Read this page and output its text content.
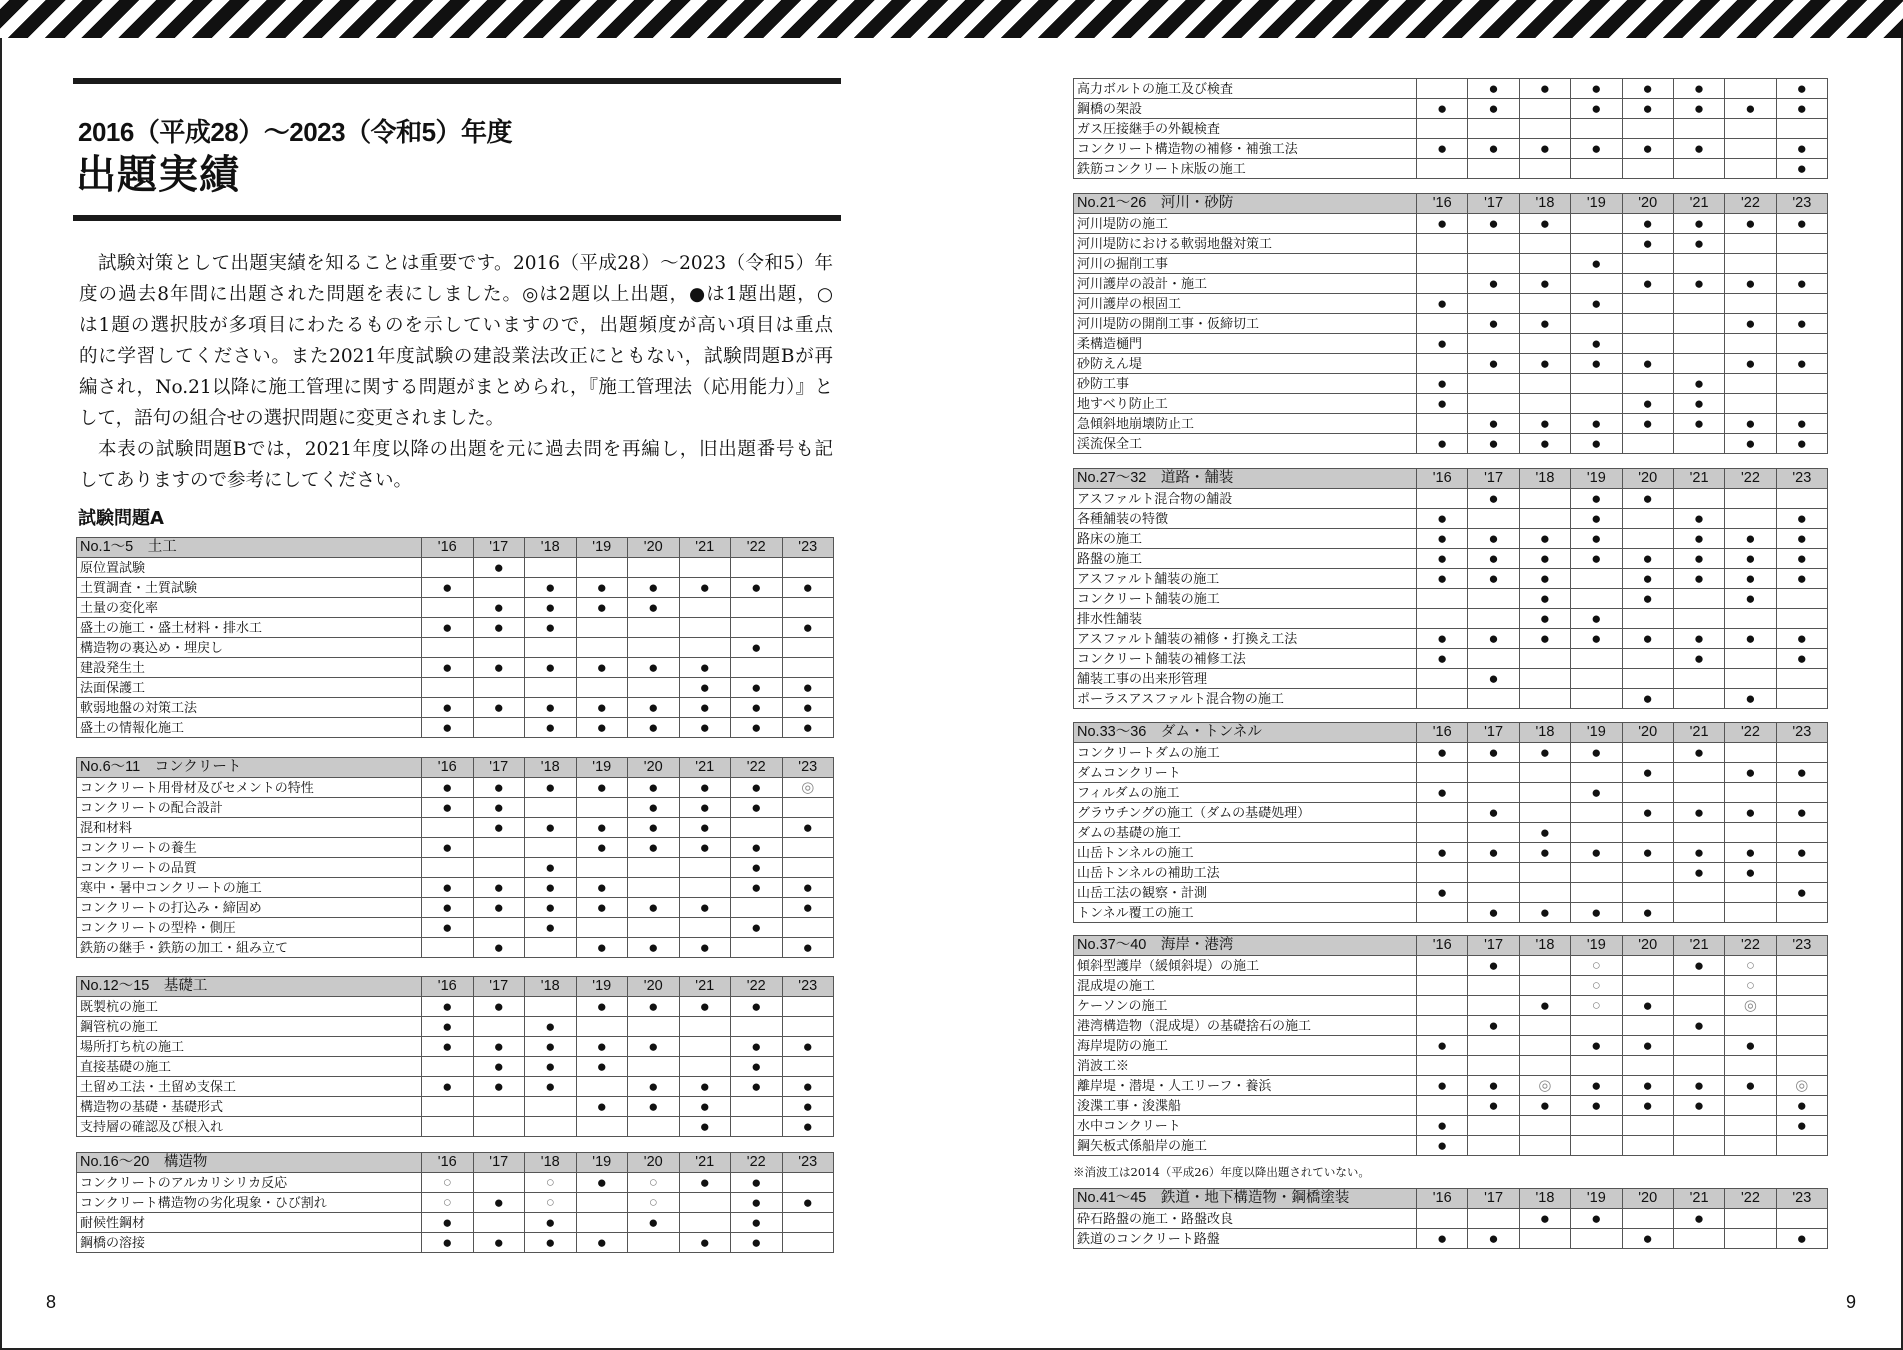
2016（平成28）～2023（令和5）年度
出題実績
試験対策として出題実績を知ることは重要です。2016（平成28）～2023（令和5）年
度の過去8年間に出題された問題を表にしました。◎は2題以上出題，●は1題出題，○
は1題の選択肢が多項目にわたるものを示していますので，出題頻度が高い項目は重点
的に学習してください。また2021年度試験の建設業法改正にともない，試験問題Bが再
編され，No.21以降に施工管理に関する問題がまとめられ，『施工管理法（応用能力）』と
して，語句の組合せの選択問題に変更されました。
本表の試験問題Bでは，2021年度以降の出題を元に過去問を再編し，旧出題番号も記
してありますので参考にしてください。
試験問題A
No.1～5　土工	'16	'17	'18	'19	'20	'21	'22	'23
原位置試験		●						
土質調査・土質試験	●		●	●	●	●	●	●
土量の変化率		●	●	●	●			
盛土の施工・盛土材料・排水工	●	●	●					●
構造物の裏込め・埋戻し							●	
建設発生土	●	●	●	●	●	●		
法面保護工						●	●	●
軟弱地盤の対策工法	●	●	●	●	●	●	●	●
盛土の情報化施工	●		●	●	●	●	●	●
No.6～11　コンクリート	'16	'17	'18	'19	'20	'21	'22	'23
コンクリート用骨材及びセメントの特性	●	●	●	●	●	●	●	◎
コンクリートの配合設計	●	●			●	●	●	
混和材料		●	●	●	●	●		●
コンクリートの養生	●			●	●	●	●	
コンクリートの品質			●				●	
寒中・暑中コンクリートの施工	●	●	●	●			●	●
コンクリートの打込み・締固め	●	●	●	●	●	●		●
コンクリートの型枠・側圧	●		●				●	
鉄筋の継手・鉄筋の加工・組み立て		●		●	●	●		●
No.12～15　基礎工	'16	'17	'18	'19	'20	'21	'22	'23
既製杭の施工	●	●		●	●	●	●	
鋼管杭の施工	●		●					
場所打ち杭の施工	●	●	●	●	●		●	●
直接基礎の施工		●	●	●			●	
土留め工法・土留め支保工	●	●	●		●	●	●	●
構造物の基礎・基礎形式				●	●	●		●
支持層の確認及び根入れ						●		●
No.16～20　構造物	'16	'17	'18	'19	'20	'21	'22	'23
コンクリートのアルカリシリカ反応	○		○	●	○	●	●	
コンクリート構造物の劣化現象・ひび割れ	○	●	○		○		●	●
耐候性鋼材	●		●		●		●	
鋼橋の溶接	●	●	●	●		●	●	
高力ボルトの施工及び検査		●	●	●	●	●		●
鋼橋の架設	●	●		●	●	●	●	●
ガス圧接継手の外観検査								
コンクリート構造物の補修・補強工法	●	●	●	●	●	●		●
鉄筋コンクリート床版の施工								●
No.21～26　河川・砂防	'16	'17	'18	'19	'20	'21	'22	'23
河川堤防の施工	●	●	●		●	●	●	●
河川堤防における軟弱地盤対策工					●	●		
河川の掘削工事				●				
河川護岸の設計・施工		●	●		●	●	●	●
河川護岸の根固工	●			●				
河川堤防の開削工事・仮締切工		●	●				●	●
柔構造樋門	●			●				
砂防えん堤		●	●	●	●		●	●
砂防工事	●					●		
地すべり防止工	●				●	●		
急傾斜地崩壊防止工		●	●	●	●	●	●	●
渓流保全工	●	●	●	●			●	●
No.27～32　道路・舗装	'16	'17	'18	'19	'20	'21	'22	'23
アスファルト混合物の舗設		●		●	●			
各種舗装の特徴	●			●		●		●
路床の施工	●	●	●	●		●	●	●
路盤の施工	●	●	●	●	●	●	●	●
アスファルト舗装の施工	●	●	●		●	●	●	●
コンクリート舗装の施工			●		●		●	
排水性舗装			●	●				
アスファルト舗装の補修・打換え工法	●	●	●	●	●	●	●	●
コンクリート舗装の補修工法	●					●		●
舗装工事の出来形管理		●						
ポーラスアスファルト混合物の施工					●		●	
No.33～36　ダム・トンネル	'16	'17	'18	'19	'20	'21	'22	'23
コンクリートダムの施工	●	●	●	●		●		
ダムコンクリート					●		●	●
フィルダムの施工	●			●				
グラウチングの施工（ダムの基礎処理）		●			●	●	●	●
ダムの基礎の施工			●					
山岳トンネルの施工	●	●	●	●	●	●	●	●
山岳トンネルの補助工法						●	●	
山岳工法の観察・計測	●							●
トンネル覆工の施工		●	●	●	●			
No.37～40　海岸・港湾	'16	'17	'18	'19	'20	'21	'22	'23
傾斜型護岸（緩傾斜堤）の施工		●		○		●	○	
混成堤の施工				○			○	
ケーソンの施工			●	○	●		◎	
港湾構造物（混成堤）の基礎捨石の施工		●				●		
海岸堤防の施工	●			●	●		●	
消波工※								
離岸堤・潜堤・人工リーフ・養浜	●	●	◎	●	●	●	●	◎
浚渫工事・浚渫船		●	●	●	●	●		●
水中コンクリート	●							●
鋼矢板式係船岸の施工	●							
No.41～45　鉄道・地下構造物・鋼橋塗装	'16	'17	'18	'19	'20	'21	'22	'23
砕石路盤の施工・路盤改良			●	●		●		
鉄道のコンクリート路盤	●	●			●			●
※消波工は2014（平成26）年度以降出題されていない。
8	9
